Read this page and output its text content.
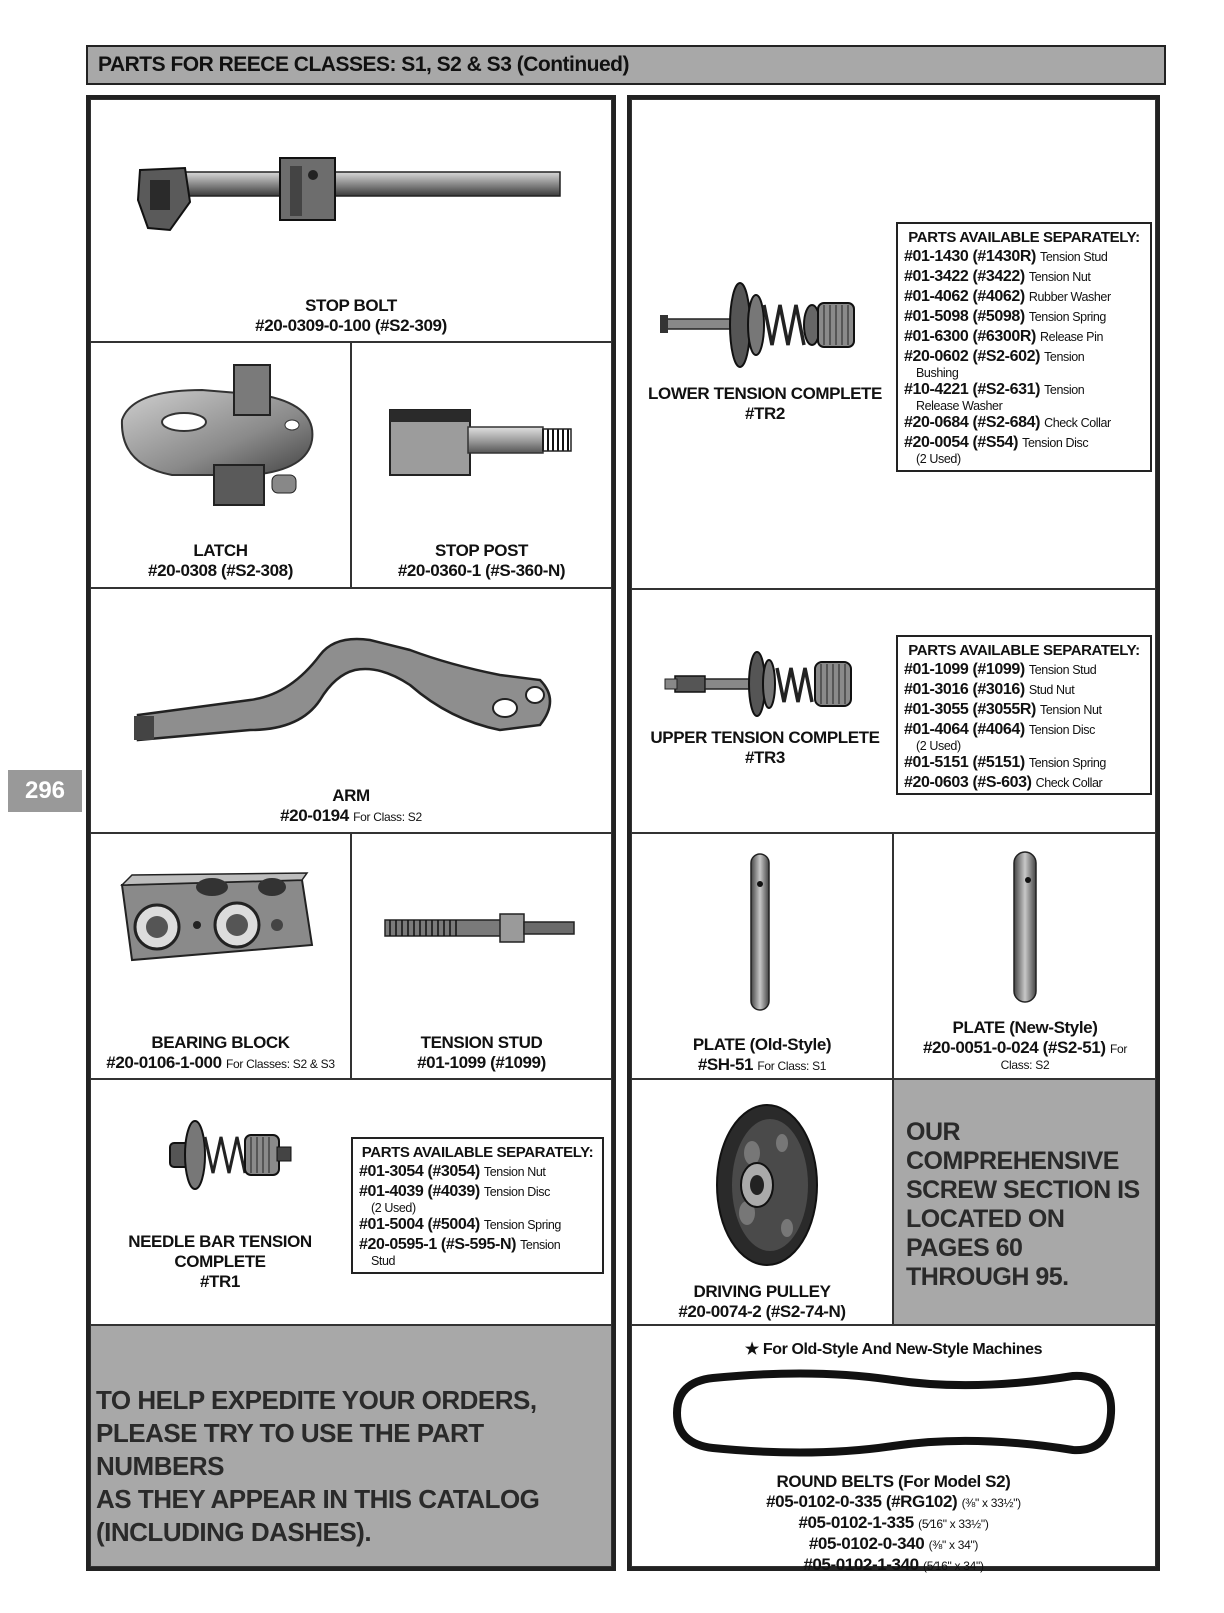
PARTS FOR REECE CLASSES: S1, S2 & S3 (Continued)
296
STOP BOLT
#20-0309-0-100 (#S2-309)
LATCH
#20-0308 (#S2-308)
STOP POST
#20-0360-1 (#S-360-N)
ARM
#20-0194 For Class: S2
BEARING BLOCK
#20-0106-1-000 For Classes: S2 & S3
TENSION STUD
#01-1099 (#1099)
NEEDLE BAR TENSION
COMPLETE
#TR1
PARTS AVAILABLE SEPARATELY:
#01-3054 (#3054) Tension Nut
#01-4039 (#4039) Tension Disc
(2 Used)
#01-5004 (#5004) Tension Spring
#20-0595-1 (#S-595-N) Tension
Stud
TO HELP EXPEDITE YOUR ORDERS,
PLEASE TRY TO USE THE PART NUMBERS
AS THEY APPEAR IN THIS CATALOG
(INCLUDING DASHES).
LOWER TENSION COMPLETE
#TR2
PARTS AVAILABLE SEPARATELY:
#01-1430 (#1430R) Tension Stud
#01-3422 (#3422) Tension Nut
#01-4062 (#4062) Rubber Washer
#01-5098 (#5098) Tension Spring
#01-6300 (#6300R) Release Pin
#20-0602 (#S2-602) Tension
Bushing
#10-4221 (#S2-631) Tension
Release Washer
#20-0684 (#S2-684) Check Collar
#20-0054 (#S54) Tension Disc
(2 Used)
UPPER TENSION COMPLETE
#TR3
PARTS AVAILABLE SEPARATELY:
#01-1099 (#1099) Tension Stud
#01-3016 (#3016) Stud Nut
#01-3055 (#3055R) Tension Nut
#01-4064 (#4064) Tension Disc
(2 Used)
#01-5151 (#5151) Tension Spring
#20-0603 (#S-603) Check Collar
PLATE (Old-Style)
#SH-51 For Class: S1
PLATE (New-Style)
#20-0051-0-024 (#S2-51) For
Class: S2
DRIVING PULLEY
#20-0074-2 (#S2-74-N)
OUR
COMPREHENSIVE
SCREW SECTION IS
LOCATED ON
PAGES 60
THROUGH 95.
★ For Old-Style And New-Style Machines
ROUND BELTS (For Model S2)
#05-0102-0-335 (#RG102) (⅜" x 33½")
#05-0102-1-335 (5⁄16" x 33½")
#05-0102-0-340 (⅜" x 34")
#05-0102-1-340 (5⁄16" x 34")
